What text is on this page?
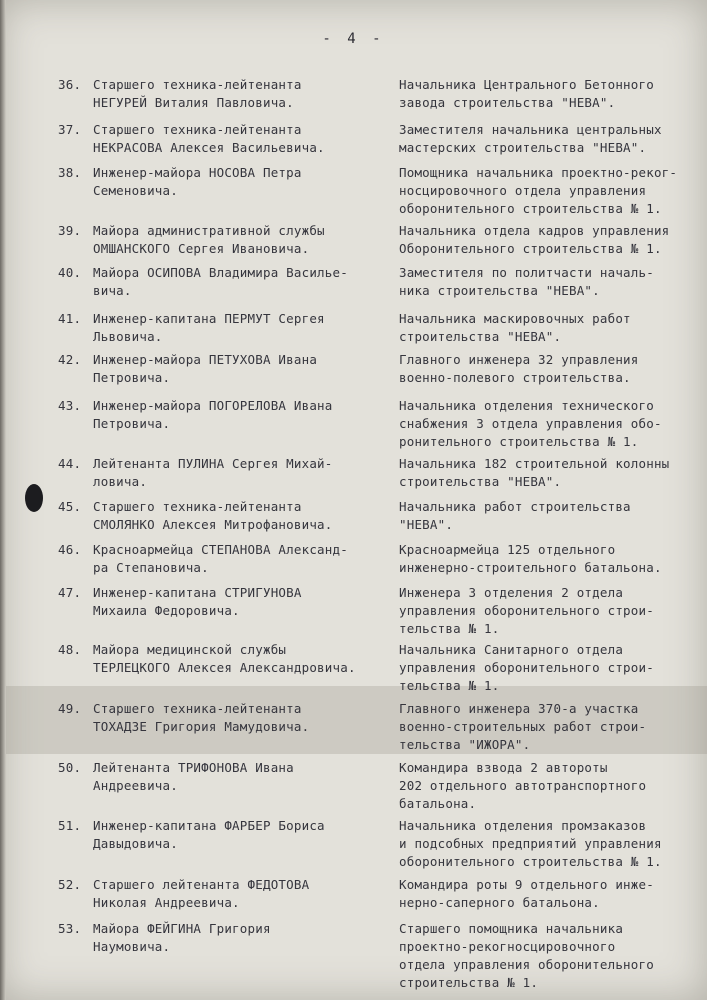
- 4 -
36. Старшего техника-лейтенанта
НЕГУРЕЙ Виталия Павловича.
Начальника Центрального Бетонного
завода строительства "НЕВА".
37. Старшего техника-лейтенанта
НЕКРАСОВА Алексея Васильевича.
Заместителя начальника центральных
мастерских строительства "НЕВА".
38. Инженер-майора НОСОВА Петра
Семеновича.
Помощника начальника проектно-реког-
носцировочного отдела управления
оборонительного строительства № 1.
39. Майора административной службы
ОМШАНСКОГО Сергея Ивановича.
Начальника отдела кадров управления
Оборонительного строительства № 1.
40. Майора ОСИПОВА Владимира Василье-
вича.
Заместителя по политчасти началь-
ника строительства "НЕВА".
41. Инженер-капитана ПЕРМУТ Сергея
Львовича.
Начальника маскировочных работ
строительства "НЕВА".
42. Инженер-майора ПЕТУХОВА Ивана
Петровича.
Главного инженера 32 управления
военно-полевого строительства.
43. Инженер-майора ПОГОРЕЛОВА Ивана
Петровича.
Начальника отделения технического
снабжения 3 отдела управления обо-
ронительного строительства № 1.
44. Лейтенанта ПУЛИНА Сергея Михай-
ловича.
Начальника 182 строительной колонны
строительства "НЕВА".
45. Старшего техника-лейтенанта
СМОЛЯНКО Алексея Митрофановича.
Начальника работ строительства
"НЕВА".
46. Красноармейца СТЕПАНОВА Александ-
ра Степановича.
Красноармейца 125 отдельного
инженерно-строительного батальона.
47. Инженер-капитана СТРИГУНОВА
Михаила Федоровича.
Инженера 3 отделения 2 отдела
управления оборонительного строи-
тельства № 1.
48. Майора медицинской службы
ТЕРЛЕЦКОГО Алексея Александровича.
Начальника Санитарного отдела
управления оборонительного строи-
тельства № 1.
49. Старшего техника-лейтенанта
ТОХАДЗЕ Григория Мамудовича.
Главного инженера 370-а участка
военно-строительных работ строи-
тельства "ИЖОРА".
50. Лейтенанта ТРИФОНОВА Ивана
Андреевича.
Командира взвода 2 автороты
202 отдельного автотранспортного
батальона.
51. Инженер-капитана ФАРБЕР Бориса
Давыдовича.
Начальника отделения промзаказов
и подсобных предприятий управления
оборонительного строительства № 1.
52. Старшего лейтенанта ФЕДОТОВА
Николая Андреевича.
Командира роты 9 отдельного инже-
нерно-саперного батальона.
53. Майора ФЕЙГИНА Григория
Наумовича.
Старшего помощника начальника
проектно-рекогносцировочного
отдела управления оборонительного
строительства № 1.
